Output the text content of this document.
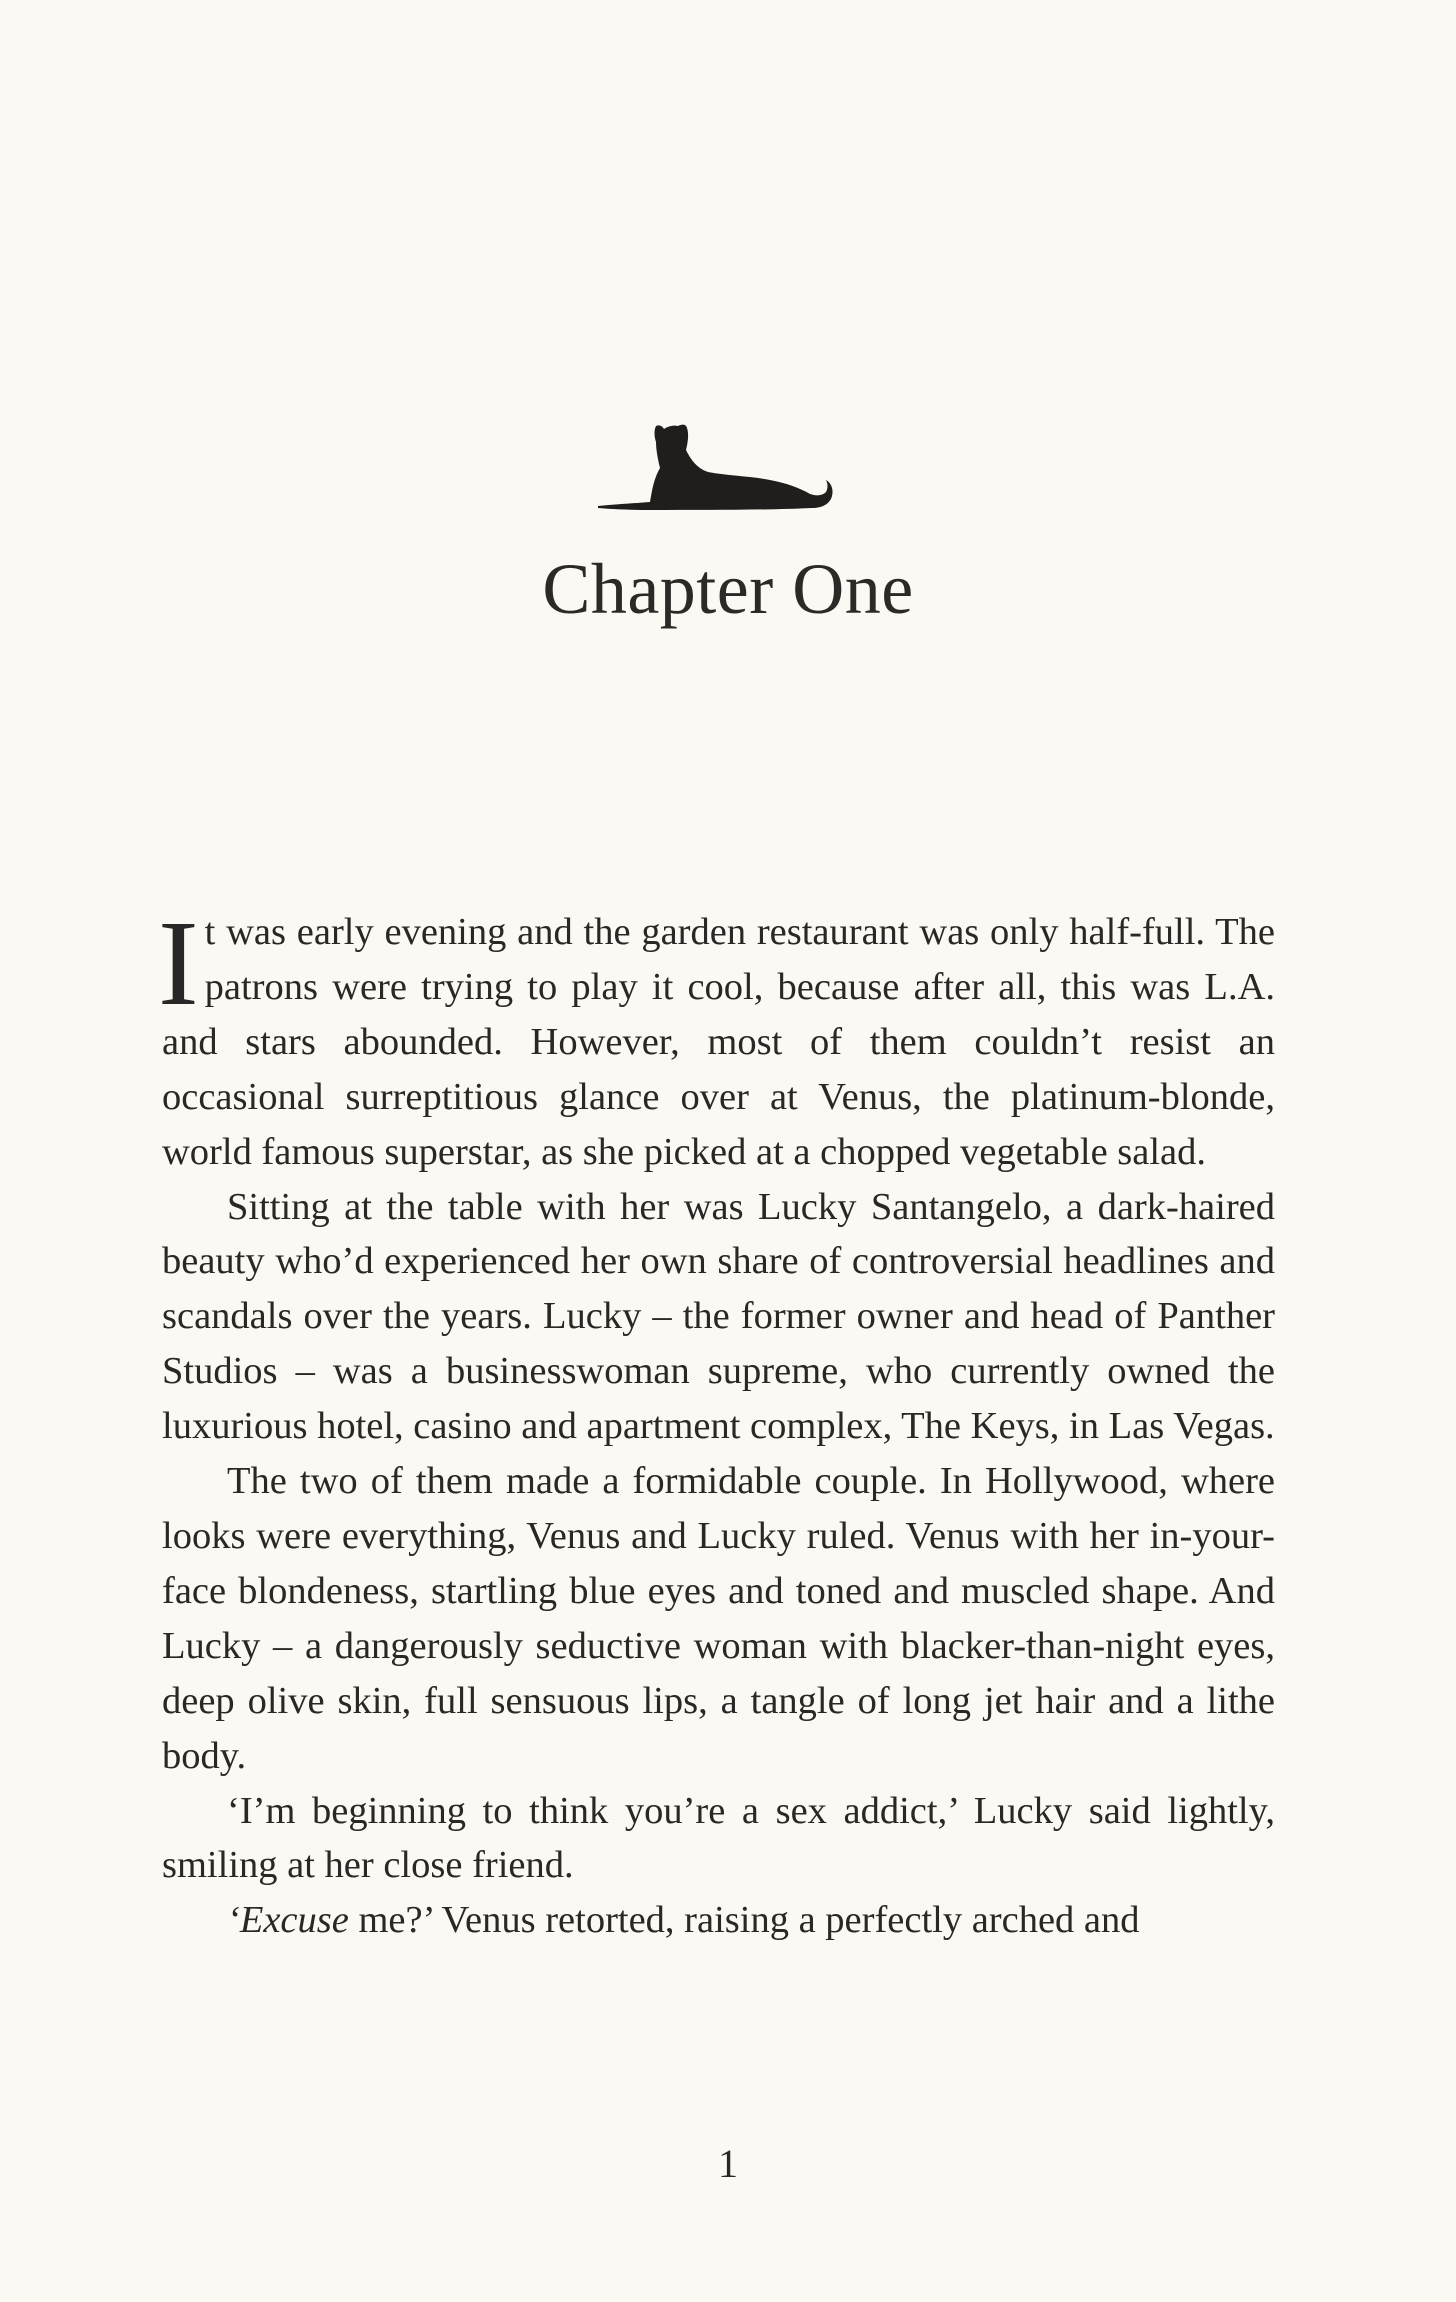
Chapter One

It was early evening and the garden restaurant was only half-full. The patrons were trying to play it cool, because after all, this was L.A. and stars abounded. However, most of them couldn’t resist an occasional surreptitious glance over at Venus, the platinum-blonde, world famous superstar, as she picked at a chopped vegetable salad.

Sitting at the table with her was Lucky Santangelo, a dark-haired beauty who’d experienced her own share of controversial headlines and scandals over the years. Lucky – the former owner and head of Panther Studios – was a businesswoman supreme, who currently owned the luxurious hotel, casino and apartment complex, The Keys, in Las Vegas.

The two of them made a formidable couple. In Hollywood, where looks were everything, Venus and Lucky ruled. Venus with her in-your-face blondeness, startling blue eyes and toned and muscled shape. And Lucky – a dangerously seductive woman with blacker-than-night eyes, deep olive skin, full sensuous lips, a tangle of long jet hair and a lithe body.

‘I’m beginning to think you’re a sex addict,’ Lucky said lightly, smiling at her close friend.

‘Excuse me?’ Venus retorted, raising a perfectly arched and

1
